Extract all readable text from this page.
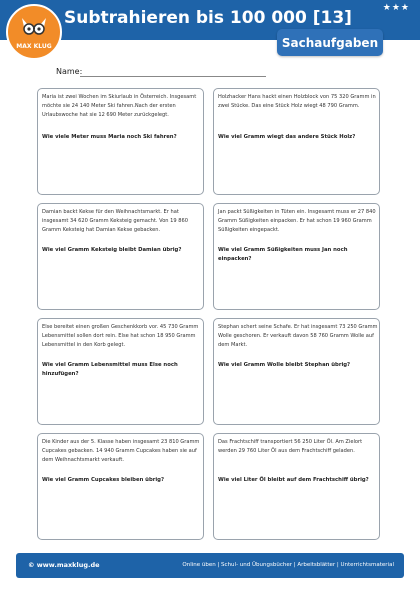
Subtrahieren bis 100 000 [13]	★★★
MAX KLUG	Sachaufgaben
Name:
Maria ist zwei Wochen im Skiurlaub in Österreich. Insgesamt möchte sie 24 140 Meter Ski fahren.Nach der ersten Urlaubswoche hat sie 12 690 Meter zurückgelegt.
Wie viele Meter muss Maria noch Ski fahren?
Holzhacker Hans hackt einen Holzblock von 75 320 Gramm in zwei Stücke. Das eine Stück Holz wiegt 48 790 Gramm.
Wie viel Gramm wiegt das andere Stück Holz?
Damian backt Kekse für den Weihnachtsmarkt. Er hat insgesamt 34 620 Gramm Keksteig gemacht. Von 19 860 Gramm Keksteig hat Damian Kekse gebacken.
Wie viel Gramm Keksteig bleibt Damian übrig?
Jan packt Süßigkeiten in Tüten ein. Insgesamt muss er 27 840 Gramm Süßigkeiten einpacken. Er hat schon 19 960 Gramm Süßigkeiten eingepackt.
Wie viel Gramm Süßigkeiten muss Jan noch einpacken?
Else bereitet einen großen Geschenkkorb vor. 45 730 Gramm Lebensmittel sollen dort rein. Else hat schon 18 950 Gramm Lebensmittel in den Korb gelegt.
Wie viel Gramm Lebensmittel muss Else noch hinzufügen?
Stephan schert seine Schafe. Er hat insgesamt 73 250 Gramm Wolle geschoren. Er verkauft davon 58 760 Gramm Wolle auf dem Markt.
Wie viel Gramm Wolle bleibt Stephan übrig?
Die Kinder aus der 5. Klasse haben insgesamt 23 810 Gramm Cupcakes gebacken. 14 940 Gramm Cupcakes haben sie auf dem Weihnachtsmarkt verkauft.
Wie viel Gramm Cupcakes bleiben übrig?
Das Frachtschiff transportiert 56 250 Liter Öl. Am Zielort werden 29 760 Liter Öl aus dem Frachtschiff geladen.
Wie viel Liter Öl bleibt auf dem Frachtschiff übrig?
© www.maxklug.de	Online üben | Schul- und Übungsbücher | Arbeitsblätter | Unterrichtsmaterial
